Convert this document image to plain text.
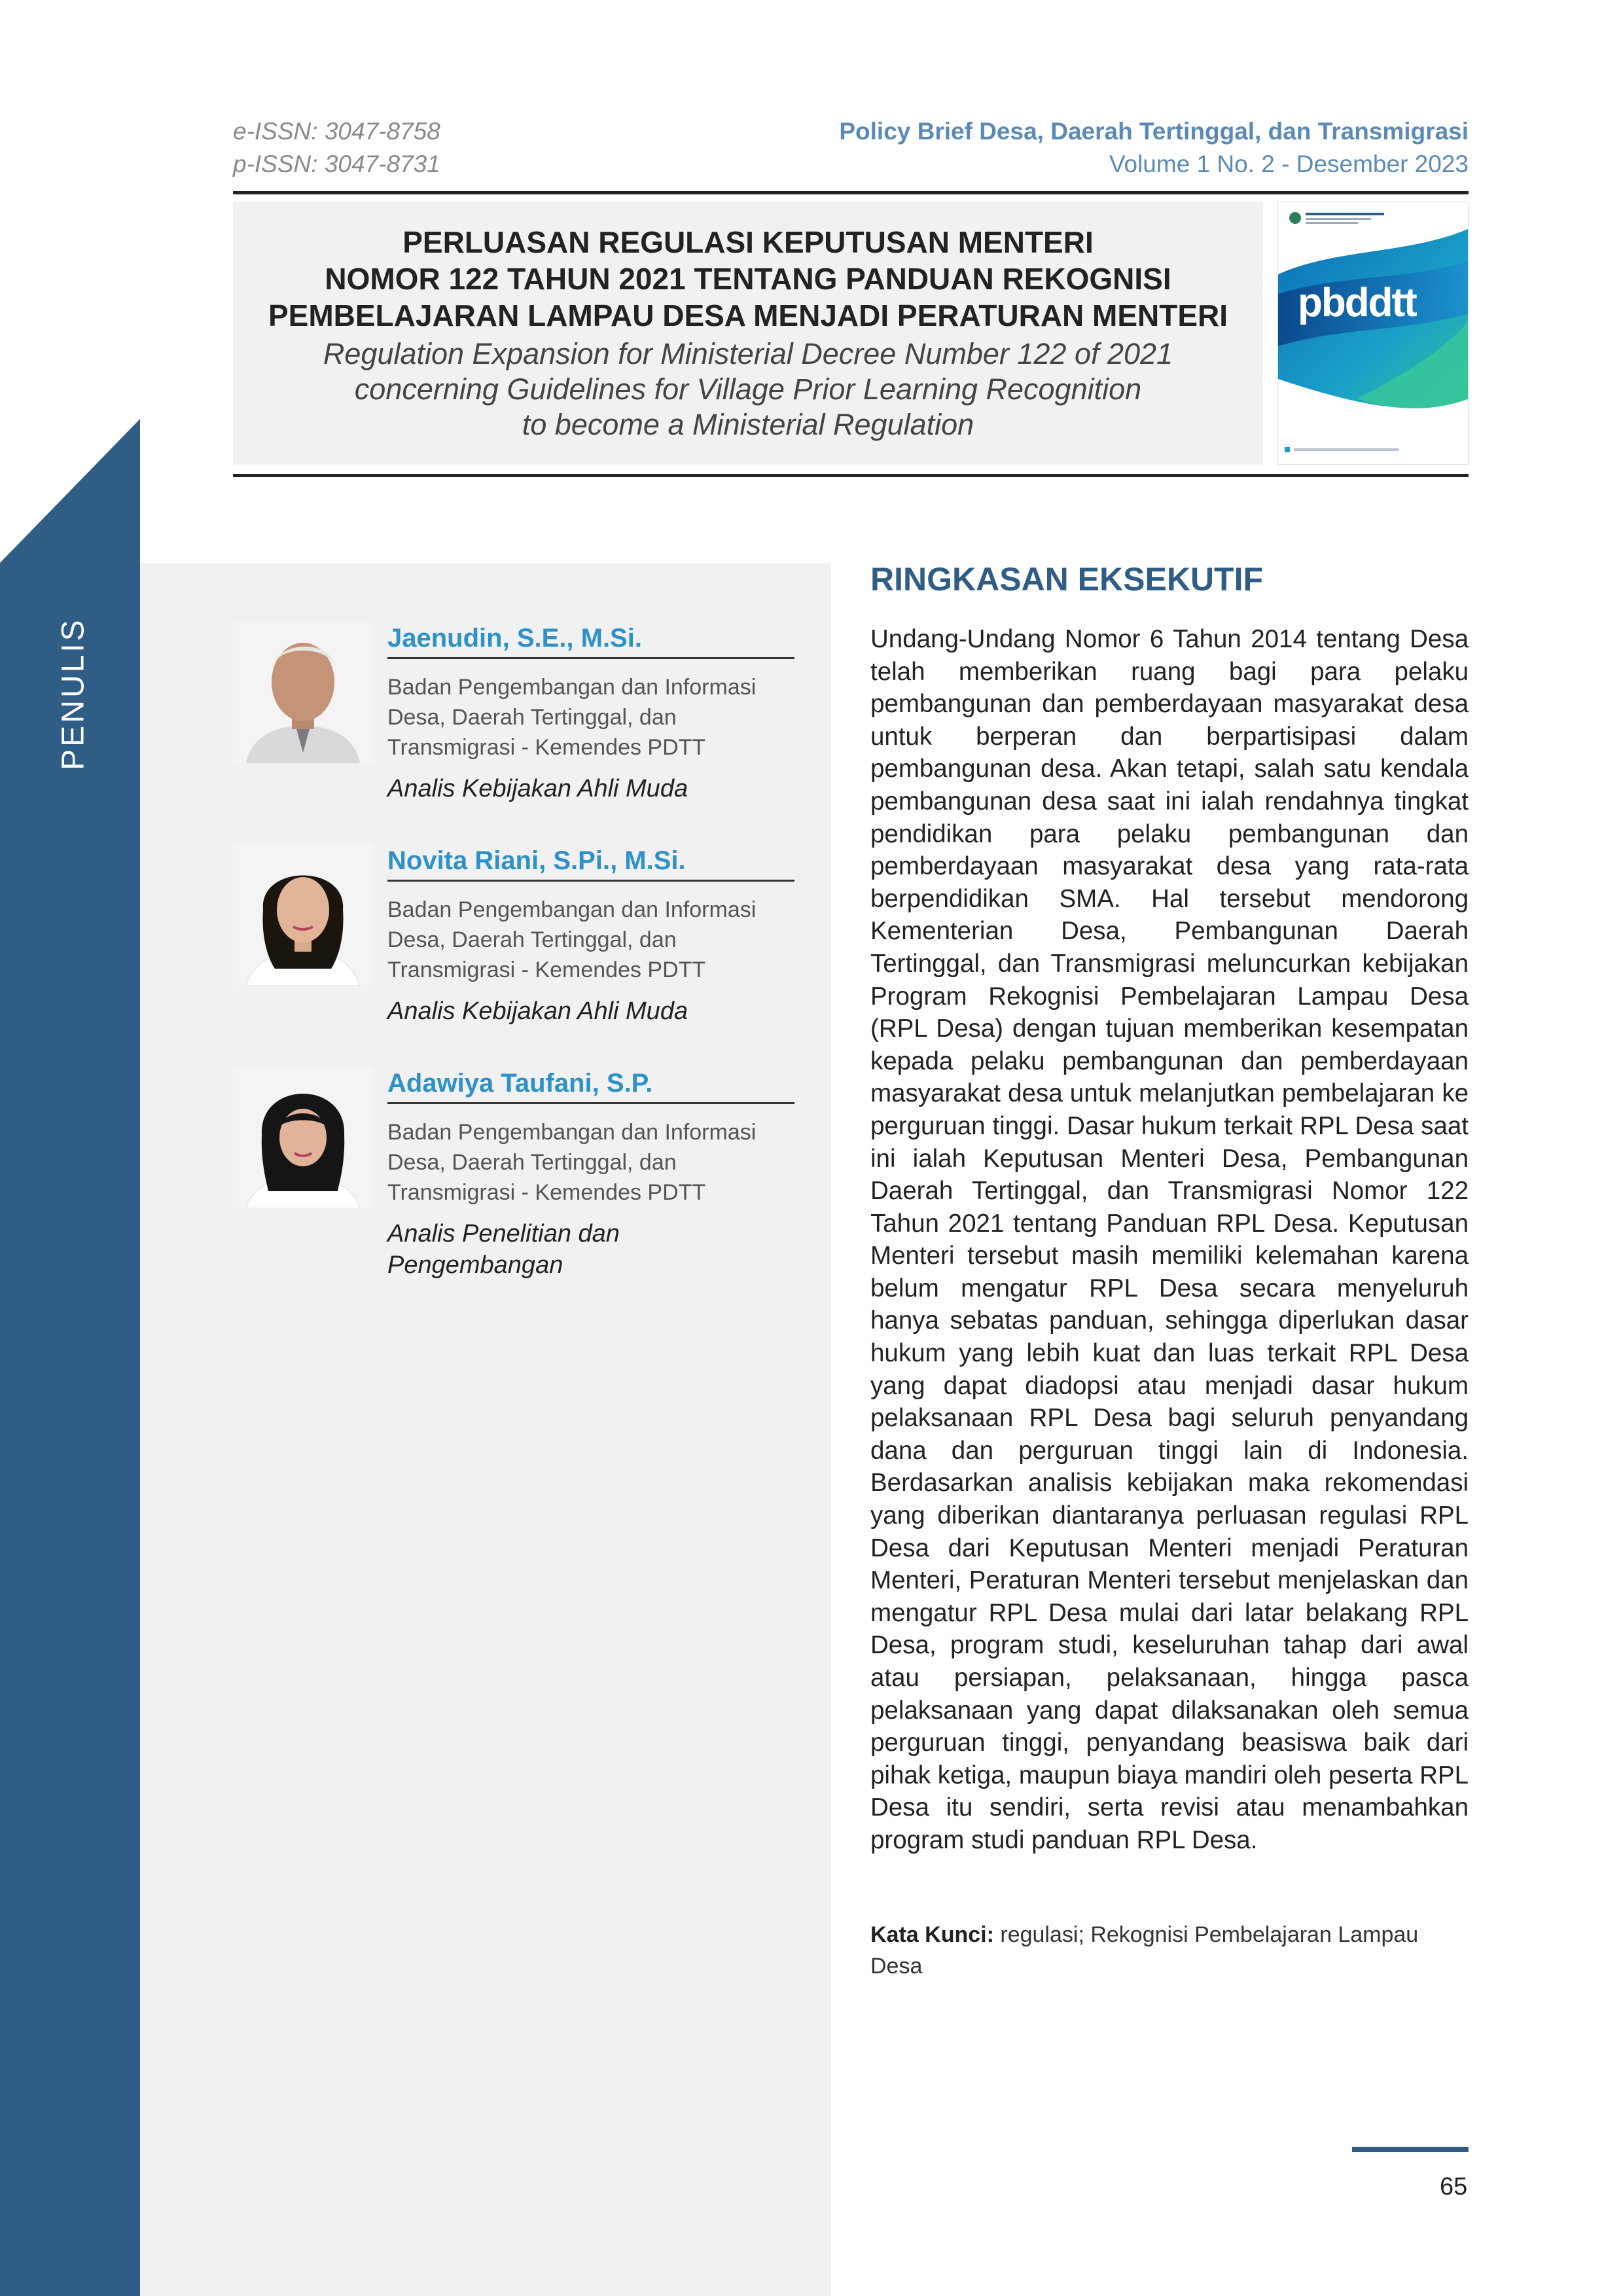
PENULIS
e-ISSN: 3047-8758
p-ISSN: 3047-8731
Policy Brief Desa, Daerah Tertinggal, dan Transmigrasi
Volume 1 No. 2 - Desember 2023
PERLUASAN REGULASI KEPUTUSAN MENTERI
NOMOR 122 TAHUN 2021 TENTANG PANDUAN REKOGNISI
PEMBELAJARAN LAMPAU DESA MENJADI PERATURAN MENTERI
Regulation Expansion for Ministerial Decree Number 122 of 2021
concerning Guidelines for Village Prior Learning Recognition
to become a Ministerial Regulation
pbddtt
Jaenudin, S.E., M.Si.
Badan Pengembangan dan Informasi
Desa, Daerah Tertinggal, dan
Transmigrasi - Kemendes PDTT
Analis Kebijakan Ahli Muda
Novita Riani, S.Pi., M.Si.
Badan Pengembangan dan Informasi
Desa, Daerah Tertinggal, dan
Transmigrasi - Kemendes PDTT
Analis Kebijakan Ahli Muda
Adawiya Taufani, S.P.
Badan Pengembangan dan Informasi
Desa, Daerah Tertinggal, dan
Transmigrasi - Kemendes PDTT
Analis Penelitian dan Pengembangan
RINGKASAN EKSEKUTIF
Undang-Undang Nomor 6 Tahun 2014 tentang Desa telah memberikan ruang bagi para pelaku pembangunan dan pemberdayaan masyarakat desa untuk berperan dan berpartisipasi dalam pembangunan desa. Akan tetapi, salah satu kendala pembangunan desa saat ini ialah rendahnya tingkat pendidikan para pelaku pembangunan dan pemberdayaan masyarakat desa yang rata-rata berpendidikan SMA. Hal tersebut mendorong Kementerian Desa, Pembangunan Daerah Tertinggal, dan Transmigrasi meluncurkan kebijakan Program Rekognisi Pembelajaran Lampau Desa (RPL Desa) dengan tujuan memberikan kesempatan kepada pelaku pembangunan dan pemberdayaan masyarakat desa untuk melanjutkan pembelajaran ke perguruan tinggi. Dasar hukum terkait RPL Desa saat ini ialah Keputusan Menteri Desa, Pembangunan Daerah Tertinggal, dan Transmigrasi Nomor 122 Tahun 2021 tentang Panduan RPL Desa. Keputusan Menteri tersebut masih memiliki kelemahan karena belum mengatur RPL Desa secara menyeluruh hanya sebatas panduan, sehingga diperlukan dasar hukum yang lebih kuat dan luas terkait RPL Desa yang dapat diadopsi atau menjadi dasar hukum pelaksanaan RPL Desa bagi seluruh penyandang dana dan perguruan tinggi lain di Indonesia. Berdasarkan analisis kebijakan maka rekomendasi yang diberikan diantaranya perluasan regulasi RPL Desa dari Keputusan Menteri menjadi Peraturan Menteri, Peraturan Menteri tersebut menjelaskan dan mengatur RPL Desa mulai dari latar belakang RPL Desa, program studi, keseluruhan tahap dari awal atau persiapan, pelaksanaan, hingga pasca pelaksanaan yang dapat dilaksanakan oleh semua perguruan tinggi, penyandang beasiswa baik dari pihak ketiga, maupun biaya mandiri oleh peserta RPL Desa itu sendiri, serta revisi atau menambahkan program studi panduan RPL Desa.
Kata Kunci: regulasi; Rekognisi Pembelajaran Lampau Desa
65
